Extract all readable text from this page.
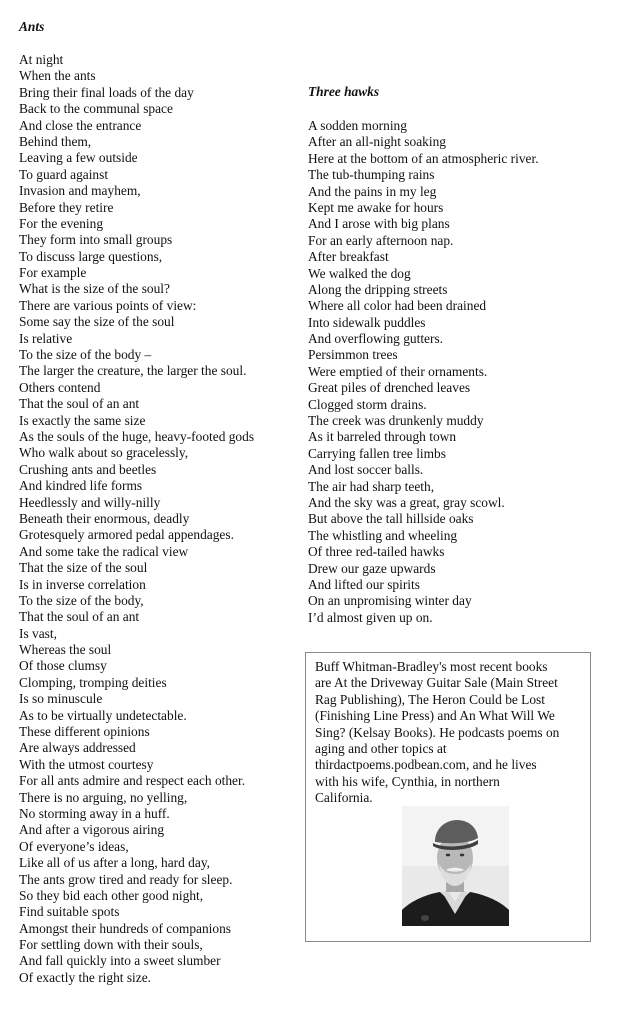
Ants
At night
When the ants
Bring their final loads of the day
Back to the communal space
And close the entrance
Behind them,
Leaving a few outside
To guard against
Invasion and mayhem,
Before they retire
For the evening
They form into small groups
To discuss large questions,
For example
What is the size of the soul?
There are various points of view:
Some say the size of the soul
Is relative
To the size of the body –
The larger the creature, the larger the soul.
Others contend
That the soul of an ant
Is exactly the same size
As the souls of the huge, heavy-footed gods
Who walk about so gracelessly,
Crushing ants and beetles
And kindred life forms
Heedlessly and willy-nilly
Beneath their enormous, deadly
Grotesquely armored pedal appendages.
And some take the radical view
That the size of the soul
Is in inverse correlation
To the size of the body,
That the soul of an ant
Is vast,
Whereas the soul
Of those clumsy
Clomping, tromping deities
Is so minuscule
As to be virtually undetectable.
These different opinions
Are always addressed
With the utmost courtesy
For all ants admire and respect each other.
There is no arguing, no yelling,
No storming away in a huff.
And after a vigorous airing
Of everyone’s ideas,
Like all of us after a long, hard day,
The ants grow tired and ready for sleep.
So they bid each other good night,
Find suitable spots
Amongst their hundreds of companions
For settling down with their souls,
And fall quickly into a sweet slumber
Of exactly the right size.
Three hawks
A sodden morning
After an all-night soaking
Here at the bottom of an atmospheric river.
The tub-thumping rains
And the pains in my leg
Kept me awake for hours
And I arose with big plans
For an early afternoon nap.
After breakfast
We walked the dog
Along the dripping streets
Where all color had been drained
Into sidewalk puddles
And overflowing gutters.
Persimmon trees
Were emptied of their ornaments.
Great piles of drenched leaves
Clogged storm drains.
The creek was drunkenly muddy
As it barreled through town
Carrying fallen tree limbs
And lost soccer balls.
The air had sharp teeth,
And the sky was a great, gray scowl.
But above the tall hillside oaks
The whistling and wheeling
Of three red-tailed hawks
Drew our gaze upwards
And lifted our spirits
On an unpromising winter day
I’d almost given up on.
Buff Whitman-Bradley's most recent books
are At the Driveway Guitar Sale (Main Street
Rag Publishing), The Heron Could be Lost
(Finishing Line Press) and An What Will We
Sing? (Kelsay Books). He podcasts poems on
aging and other topics at
thirdactpoems.podbean.com, and he lives
with his wife, Cynthia, in northern
California.
